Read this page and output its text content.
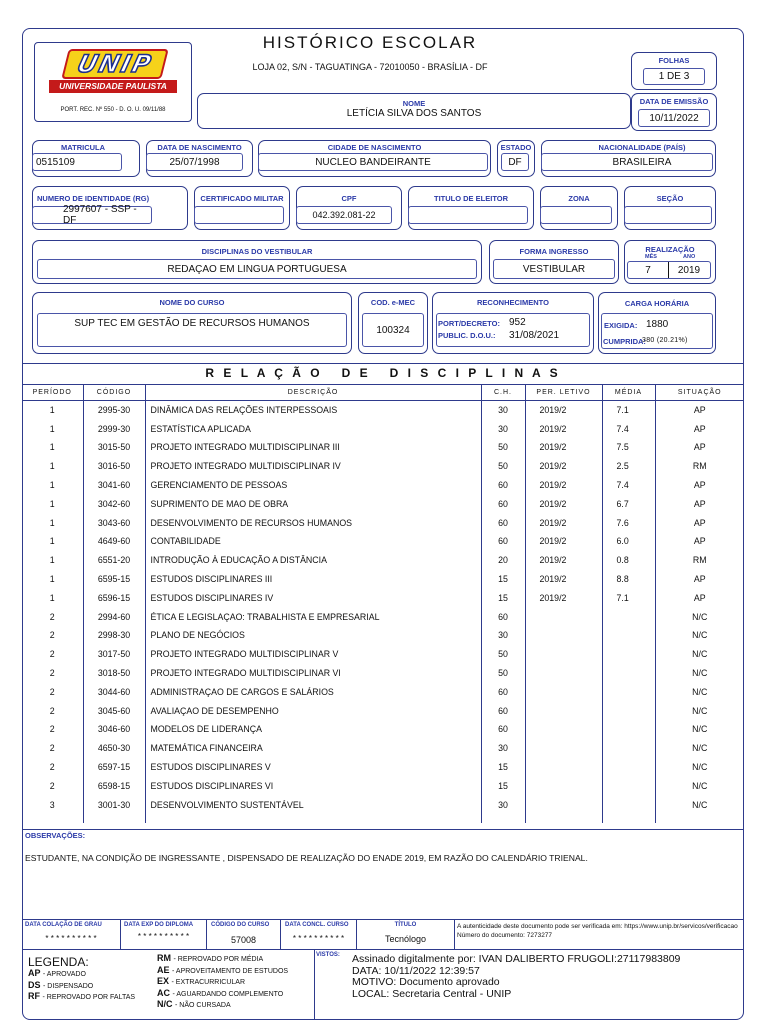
UNIP
UNIVERSIDADE PAULISTA
PORT. REC. Nº 550 - D. O. U. 09/11/88
HISTÓRICO ESCOLAR
LOJA 02, S/N - TAGUATINGA - 72010050 - BRASÍLIA - DF
FOLHAS
1 DE 3
NOME
LETÍCIA SILVA DOS SANTOS
DATA DE EMISSÃO
10/11/2022
MATRICULA
0515109
DATA DE NASCIMENTO
25/07/1998
CIDADE DE NASCIMENTO
NUCLEO BANDEIRANTE
ESTADO
DF
NACIONALIDADE (PAÍS)
BRASILEIRA
NUMERO DE IDENTIDADE (RG)
2997607 - SSP - DF
CERTIFICADO MILITAR	CPF
042.392.081-22
TITULO DE ELEITOR	ZONA	SEÇÃO
DISCIPLINAS DO VESTIBULAR
REDAÇAO EM LINGUA PORTUGUESA
FORMA INGRESSO
VESTIBULAR
REALIZAÇÃO
MÊS	ANO
7	2019
NOME DO CURSO
SUP TEC EM GESTÃO DE RECURSOS HUMANOS
COD. e-MEC
100324
RECONHECIMENTO
PORT/DECRETO: 952
PUBLIC. D.O.U.: 31/08/2021
CARGA HORÁRIA
EXIGIDA: 1880
CUMPRIDA:
380 (20.21%)
R E L A Ç Ã O   D E   D I S C I P L I N A S
PERÍODO	CÓDIGO	DESCRIÇÃO	C.H.	PER. LETIVO	MÉDIA	SITUAÇÃO
1	2995-30	DINÂMICA DAS RELAÇÕES INTERPESSOAIS	30	2019/2	7.1	AP
1	2999-30	ESTATÍSTICA APLICADA	30	2019/2	7.4	AP
1	3015-50	PROJETO INTEGRADO MULTIDISCIPLINAR III	50	2019/2	7.5	AP
1	3016-50	PROJETO INTEGRADO MULTIDISCIPLINAR IV	50	2019/2	2.5	RM
1	3041-60	GERENCIAMENTO DE PESSOAS	60	2019/2	7.4	AP
1	3042-60	SUPRIMENTO DE MAO DE OBRA	60	2019/2	6.7	AP
1	3043-60	DESENVOLVIMENTO DE RECURSOS HUMANOS	60	2019/2	7.6	AP
1	4649-60	CONTABILIDADE	60	2019/2	6.0	AP
1	6551-20	INTRODUÇÃO À EDUCAÇÃO A DISTÂNCIA	20	2019/2	0.8	RM
1	6595-15	ESTUDOS DISCIPLINARES III	15	2019/2	8.8	AP
1	6596-15	ESTUDOS DISCIPLINARES IV	15	2019/2	7.1	AP
2	2994-60	ÉTICA E LEGISLAÇAO: TRABALHISTA E EMPRESARIAL	60			N/C
2	2998-30	PLANO DE NEGÓCIOS	30			N/C
2	3017-50	PROJETO INTEGRADO MULTIDISCIPLINAR V	50			N/C
2	3018-50	PROJETO INTEGRADO MULTIDISCIPLINAR VI	50			N/C
2	3044-60	ADMINISTRAÇAO DE CARGOS E SALÁRIOS	60			N/C
2	3045-60	AVALIAÇAO DE DESEMPENHO	60			N/C
2	3046-60	MODELOS DE LIDERANÇA	60			N/C
2	4650-30	MATEMÁTICA FINANCEIRA	30			N/C
2	6597-15	ESTUDOS DISCIPLINARES V	15			N/C
2	6598-15	ESTUDOS DISCIPLINARES VI	15			N/C
3	3001-30	DESENVOLVIMENTO SUSTENTÁVEL	30			N/C

OBSERVAÇÕES:
ESTUDANTE, NA CONDIÇÃO DE INGRESSANTE , DISPENSADO DE REALIZAÇÃO DO ENADE 2019, EM RAZÃO DO CALENDÁRIO TRIENAL.
DATA COLAÇÃO DE GRAU
* * * * * * * * * *
DATA EXP DO DIPLOMA
* * * * * * * * * *
CÓDIGO DO CURSO
57008
DATA CONCL. CURSO
* * * * * * * * * *
TÍTULO
Tecnólogo
A autenticidade deste documento pode ser verificada em: https://www.unip.br/servicos/verificacao Número do documento: 7273277
LEGENDA:
AP - APROVADO
DS - DISPENSADO
RF - REPROVADO POR FALTAS
RM - REPROVADO POR MÉDIA
AE - APROVEITAMENTO DE ESTUDOS
EX - EXTRACURRICULAR
AC - AGUARDANDO COMPLEMENTO
N/C - NÃO CURSADA
VISTOS: Assinado digitalmente por: IVAN DALIBERTO FRUGOLI:27117983809
DATA: 10/11/2022 12:39:57
MOTIVO: Documento aprovado
LOCAL: Secretaria Central - UNIP
